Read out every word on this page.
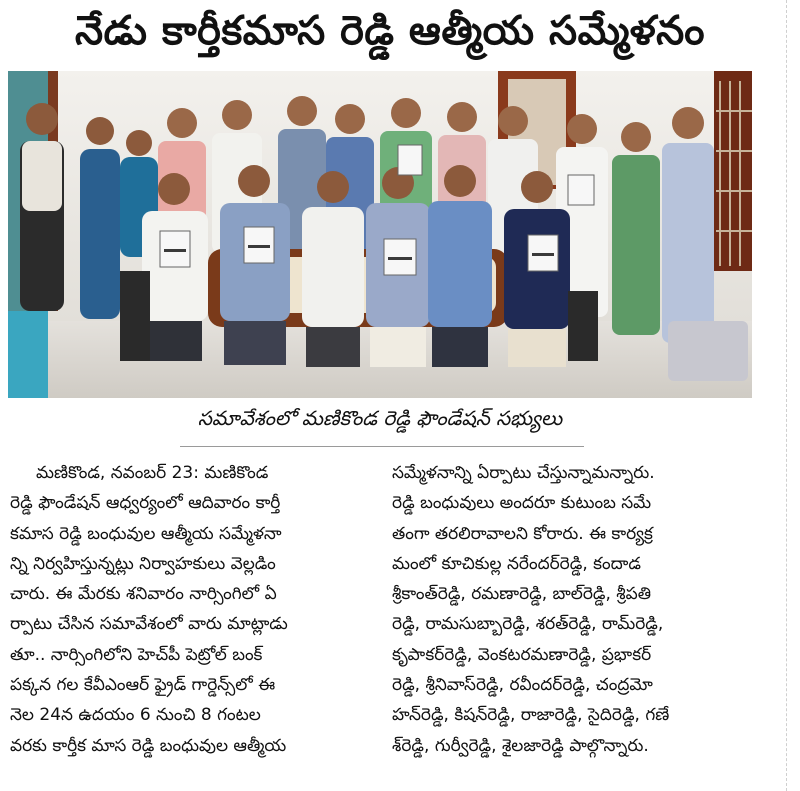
నేడు కార్తీకమాస రెడ్డి ఆత్మీయ సమ్మేళనం
సమావేశంలో మణికొండ రెడ్డి ఫౌండేషన్‌ సభ్యులు
మణికొండ, నవంబర్‌ 23: మణికొండ
రెడ్డి ఫౌండేషన్‌ ఆధ్వర్యంలో ఆదివారం కార్తీ
కమాస రెడ్డి బంధువుల ఆత్మీయ సమ్మేళనా
న్ని నిర్వహిస్తున్నట్లు నిర్వాహకులు వెల్లడిం
చారు. ఈ మేరకు శనివారం నార్సింగిలో ఏ
ర్పాటు చేసిన సమావేశంలో వారు మాట్లాడు
తూ.. నార్సింగిలోని హెచ్‌పీ పెట్రోల్‌ బంక్‌
పక్కన గల కేవీఎంఆర్‌ ఫ్రైడ్‌ గార్డెన్స్‌లో ఈ
నెల 24న ఉదయం 6 నుంచి 8 గంటల
వరకు కార్తీక మాస రెడ్డి బంధువుల ఆత్మీయ
సమ్మేళనాన్ని ఏర్పాటు చేస్తున్నామన్నారు.
రెడ్డి బంధువులు అందరూ కుటుంబ సమే
తంగా తరలిరావాలని కోరారు. ఈ కార్యక్ర
మంలో కూచికుల్ల నరేందర్‌రెడ్డి, కందాడ
శ్రీకాంత్‌రెడ్డి, రమణారెడ్డి, బాల్‌రెడ్డి, శ్రీపతి
రెడ్డి, రామసుబ్బారెడ్డి, శరత్‌రెడ్డి, రామ్‌రెడ్డి,
కృపాకర్‌రెడ్డి, వెంకటరమణారెడ్డి, ప్రభాకర్‌
రెడ్డి, శ్రీనివాస్‌రెడ్డి, రవీందర్‌రెడ్డి, చంద్రమో
హన్‌రెడ్డి, కిషన్‌రెడ్డి, రాజారెడ్డి, సైదిరెడ్డి, గణే
శ్‌రెడ్డి, గుర్వీరెడ్డి, శైలజారెడ్డి పాల్గొన్నారు.
